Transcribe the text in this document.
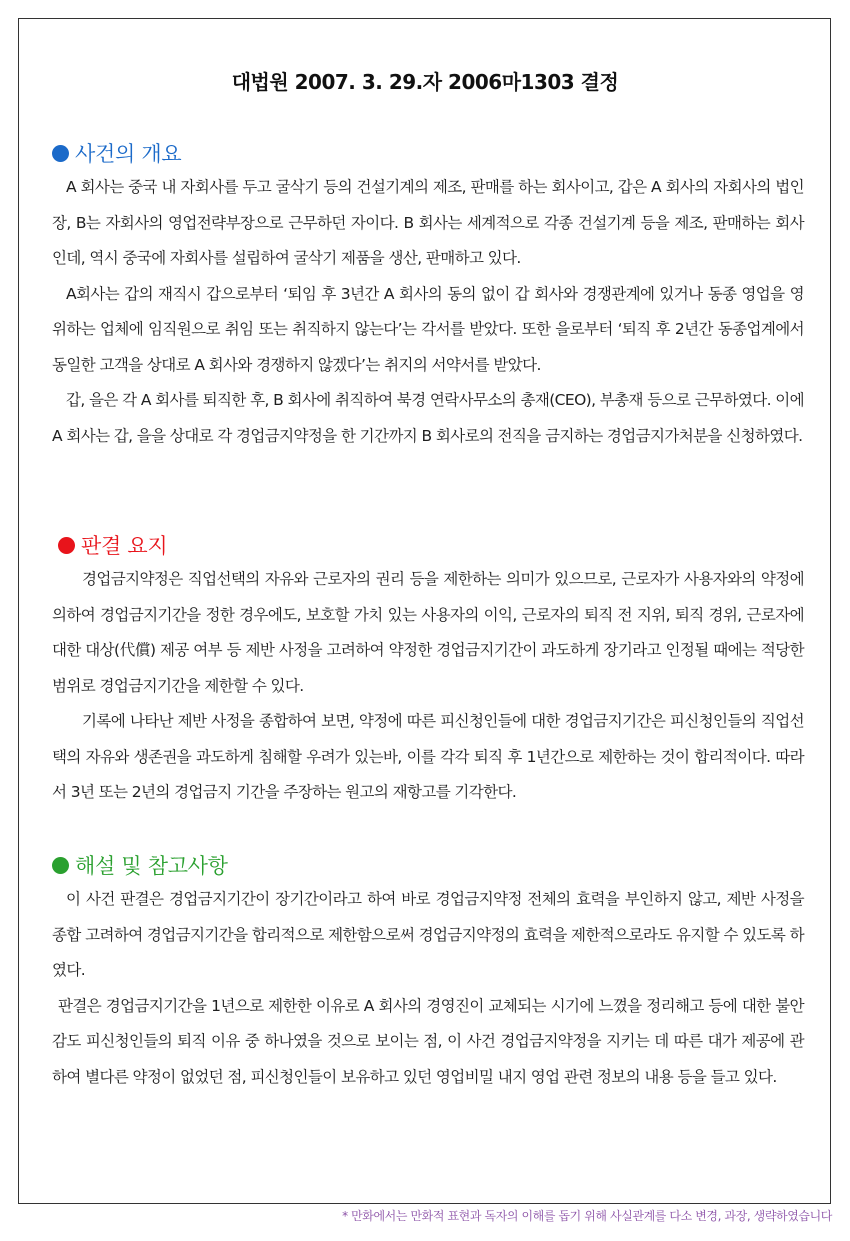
대법원 2007. 3. 29.자 2006마1303 결정
사건의 개요

A 회사는 중국 내 자회사를 두고 굴삭기 등의 건설기계의 제조, 판매를 하는 회사이고, 갑은 A 회사의 자회사의 법인장, B는 자회사의 영업전략부장으로 근무하던 자이다. B 회사는 세계적으로 각종 건설기계 등을 제조, 판매하는 회사인데, 역시 중국에 자회사를 설립하여 굴삭기 제품을 생산, 판매하고 있다.

A회사는 갑의 재직시 갑으로부터 ‘퇴임 후 3년간 A 회사의 동의 없이 갑 회사와 경쟁관계에 있거나 동종 영업을 영위하는 업체에 임직원으로 취임 또는 취직하지 않는다’는 각서를 받았다. 또한 을로부터 ‘퇴직 후 2년간 동종업계에서 동일한 고객을 상대로 A 회사와 경쟁하지 않겠다’는 취지의 서약서를 받았다.

갑, 을은 각 A 회사를 퇴직한 후, B 회사에 취직하여 북경 연락사무소의 총재(CEO), 부총재 등으로 근무하였다. 이에 A 회사는 갑, 을을 상대로 각 경업금지약정을 한 기간까지 B 회사로의 전직을 금지하는 경업금지가처분을 신청하였다.

판결 요지

경업금지약정은 직업선택의 자유와 근로자의 권리 등을 제한하는 의미가 있으므로, 근로자가 사용자와의 약정에 의하여 경업금지기간을 정한 경우에도, 보호할 가치 있는 사용자의 이익, 근로자의 퇴직 전 지위, 퇴직 경위, 근로자에 대한 대상(代償) 제공 여부 등 제반 사정을 고려하여 약정한 경업금지기간이 과도하게 장기라고 인정될 때에는 적당한 범위로 경업금지기간을 제한할 수 있다.

기록에 나타난 제반 사정을 종합하여 보면, 약정에 따른 피신청인들에 대한 경업금지기간은 피신청인들의 직업선택의 자유와 생존권을 과도하게 침해할 우려가 있는바, 이를 각각 퇴직 후 1년간으로 제한하는 것이 합리적이다. 따라서 3년 또는 2년의 경업금지 기간을 주장하는 원고의 재항고를 기각한다.

해설 및 참고사항

이 사건 판결은 경업금지기간이 장기간이라고 하여 바로 경업금지약정 전체의 효력을 부인하지 않고, 제반 사정을 종합 고려하여 경업금지기간을 합리적으로 제한함으로써 경업금지약정의 효력을 제한적으로라도 유지할 수 있도록 하였다.

판결은 경업금지기간을 1년으로 제한한 이유로 A 회사의 경영진이 교체되는 시기에 느꼈을 정리해고 등에 대한 불안감도 피신청인들의 퇴직 이유 중 하나였을 것으로 보이는 점, 이 사건 경업금지약정을 지키는 데 따른 대가 제공에 관하여 별다른 약정이 없었던 점, 피신청인들이 보유하고 있던 영업비밀 내지 영업 관련 정보의 내용 등을 들고 있다.

* 만화에서는 만화적 표현과 독자의 이해를 돕기 위해 사실관계를 다소 변경, 과장, 생략하였습니다
